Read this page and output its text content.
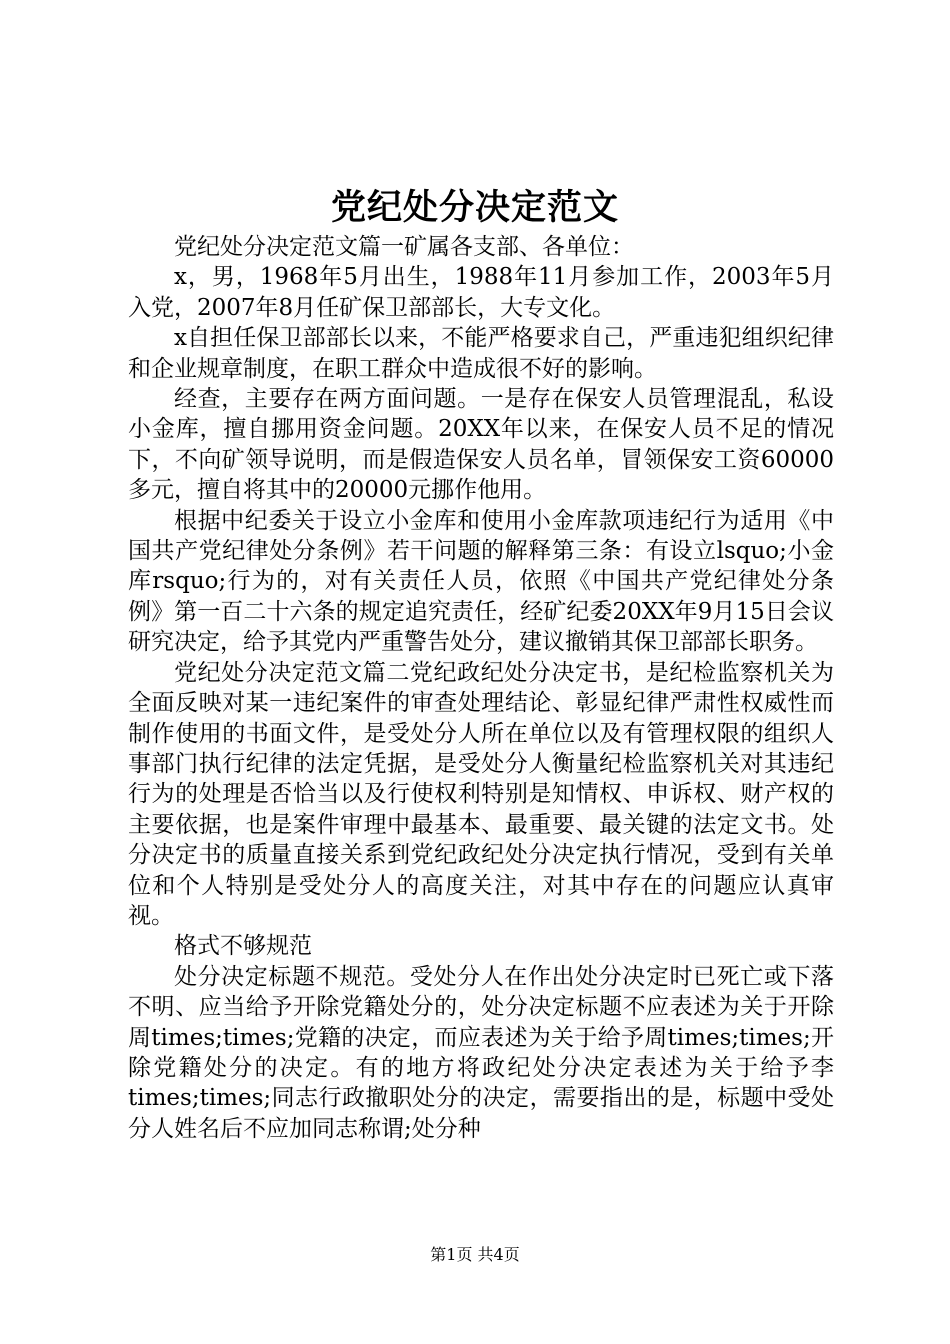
党纪处分决定范文

党纪处分决定范文篇一矿属各支部、各单位：

x，男，1968年5月出生，1988年11月参加工作，2003年5月入党，2007年8月任矿保卫部部长，大专文化。

x自担任保卫部部长以来，不能严格要求自己，严重违犯组织纪律和企业规章制度，在职工群众中造成很不好的影响。

经查，主要存在两方面问题。一是存在保安人员管理混乱，私设小金库，擅自挪用资金问题。20XX年以来，在保安人员不足的情况下，不向矿领导说明，而是假造保安人员名单，冒领保安工资60000多元，擅自将其中的20000元挪作他用。

根据中纪委关于设立小金库和使用小金库款项违纪行为适用《中国共产党纪律处分条例》若干问题的解释第三条：有设立lsquo;小金库rsquo;行为的，对有关责任人员，依照《中国共产党纪律处分条例》第一百二十六条的规定追究责任，经矿纪委20XX年9月15日会议研究决定，给予其党内严重警告处分，建议撤销其保卫部部长职务。

党纪处分决定范文篇二党纪政纪处分决定书，是纪检监察机关为全面反映对某一违纪案件的审查处理结论、彰显纪律严肃性权威性而制作使用的书面文件，是受处分人所在单位以及有管理权限的组织人事部门执行纪律的法定凭据，是受处分人衡量纪检监察机关对其违纪行为的处理是否恰当以及行使权利特别是知情权、申诉权、财产权的主要依据，也是案件审理中最基本、最重要、最关键的法定文书。处分决定书的质量直接关系到党纪政纪处分决定执行情况，受到有关单位和个人特别是受处分人的高度关注，对其中存在的问题应认真审视。

格式不够规范

处分决定标题不规范。受处分人在作出处分决定时已死亡或下落不明、应当给予开除党籍处分的，处分决定标题不应表述为关于开除周times;times;党籍的决定，而应表述为关于给予周times;times;开除党籍处分的决定。有的地方将政纪处分决定表述为关于给予李times;times;同志行政撤职处分的决定，需要指出的是，标题中受处分人姓名后不应加同志称谓;处分种

第1页 共4页
